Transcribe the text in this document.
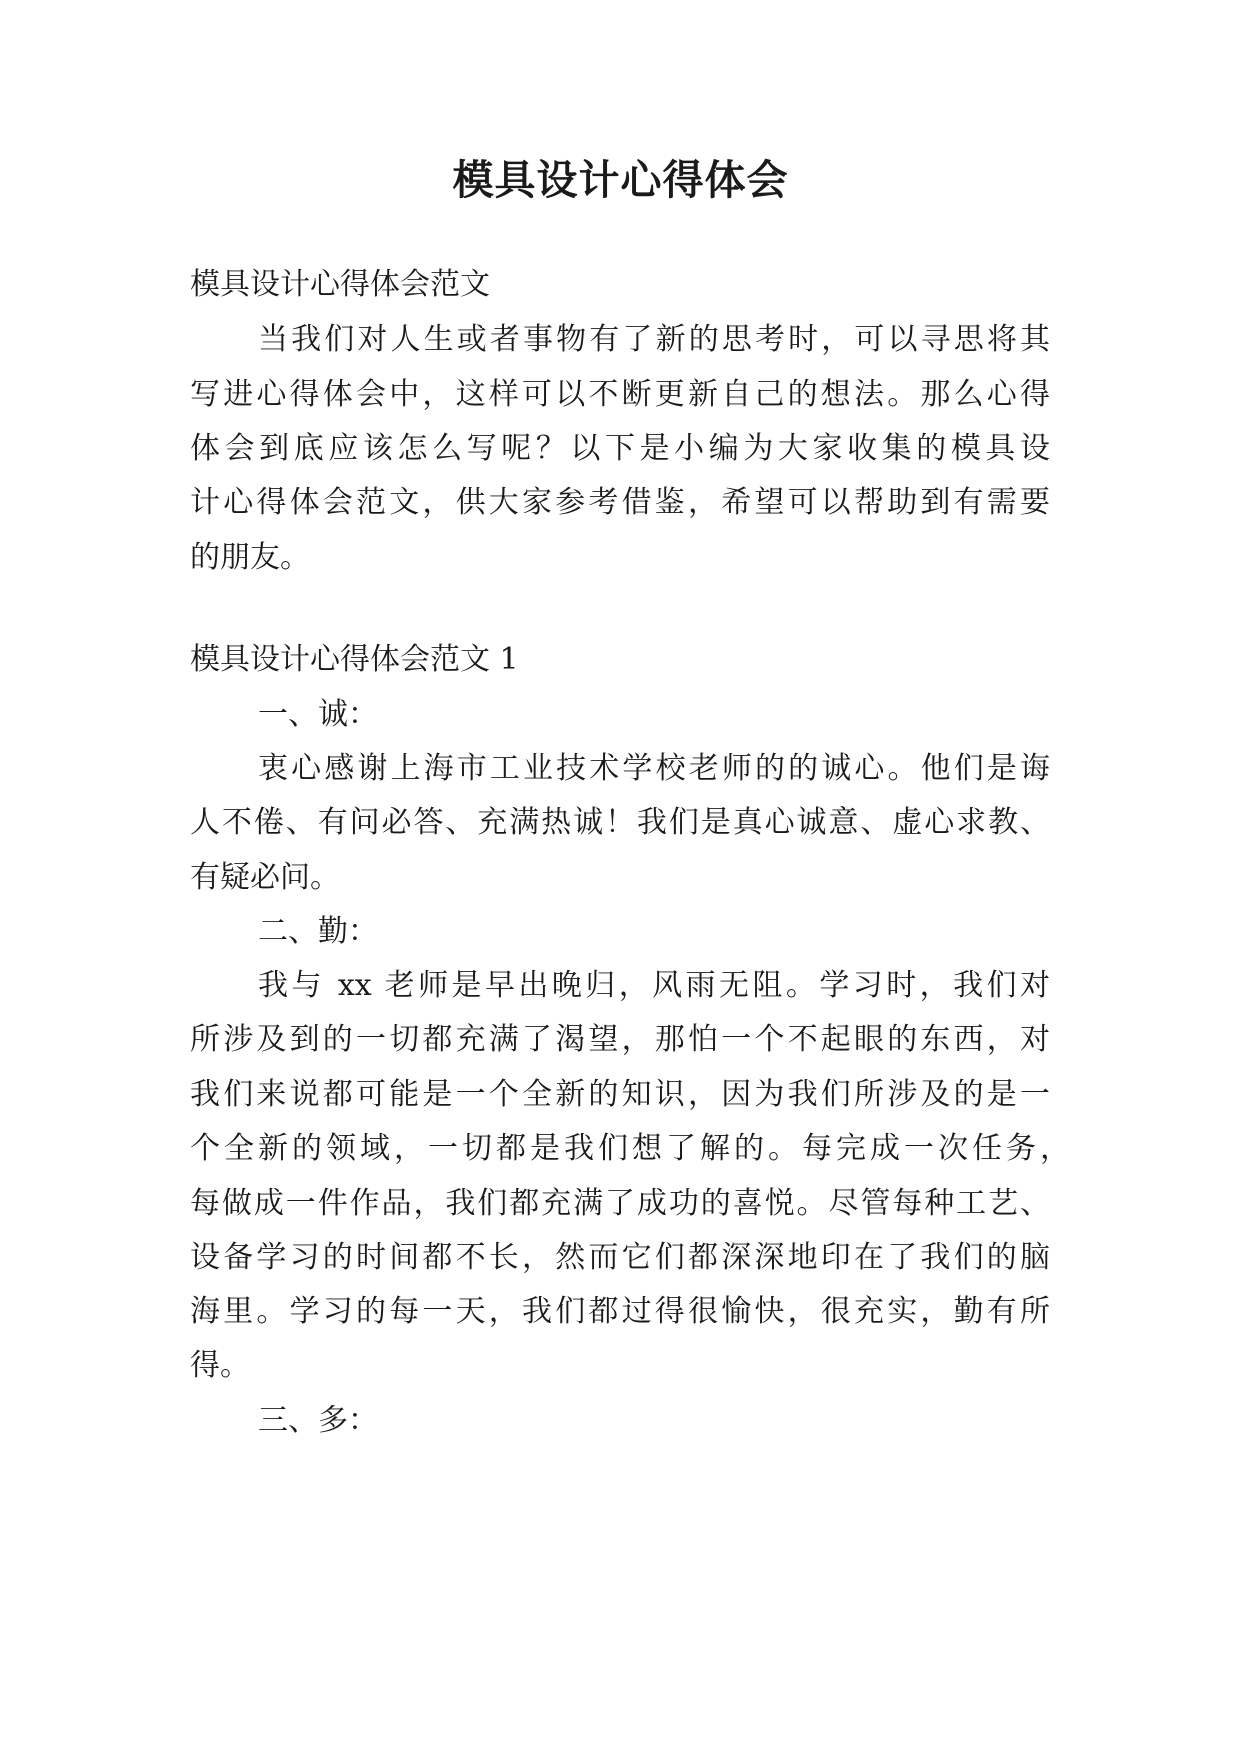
模具设计心得体会

模具设计心得体会范文

当我们对人生或者事物有了新的思考时，可以寻思将其

写进心得体会中，这样可以不断更新自己的想法。那么心得

体会到底应该怎么写呢？以下是小编为大家收集的模具设

计心得体会范文，供大家参考借鉴，希望可以帮助到有需要

的朋友。

模具设计心得体会范文 1

一、诚：

衷心感谢上海市工业技术学校老师的的诚心。他们是诲

人不倦、有问必答、充满热诚！我们是真心诚意、虚心求教、

有疑必问。

二、勤：

我与 xx 老师是早出晚归，风雨无阻。学习时，我们对

所涉及到的一切都充满了渴望，那怕一个不起眼的东西，对

我们来说都可能是一个全新的知识，因为我们所涉及的是一

个全新的领域，一切都是我们想了解的。每完成一次任务，

每做成一件作品，我们都充满了成功的喜悦。尽管每种工艺、

设备学习的时间都不长，然而它们都深深地印在了我们的脑

海里。学习的每一天，我们都过得很愉快，很充实，勤有所

得。

三、多：
